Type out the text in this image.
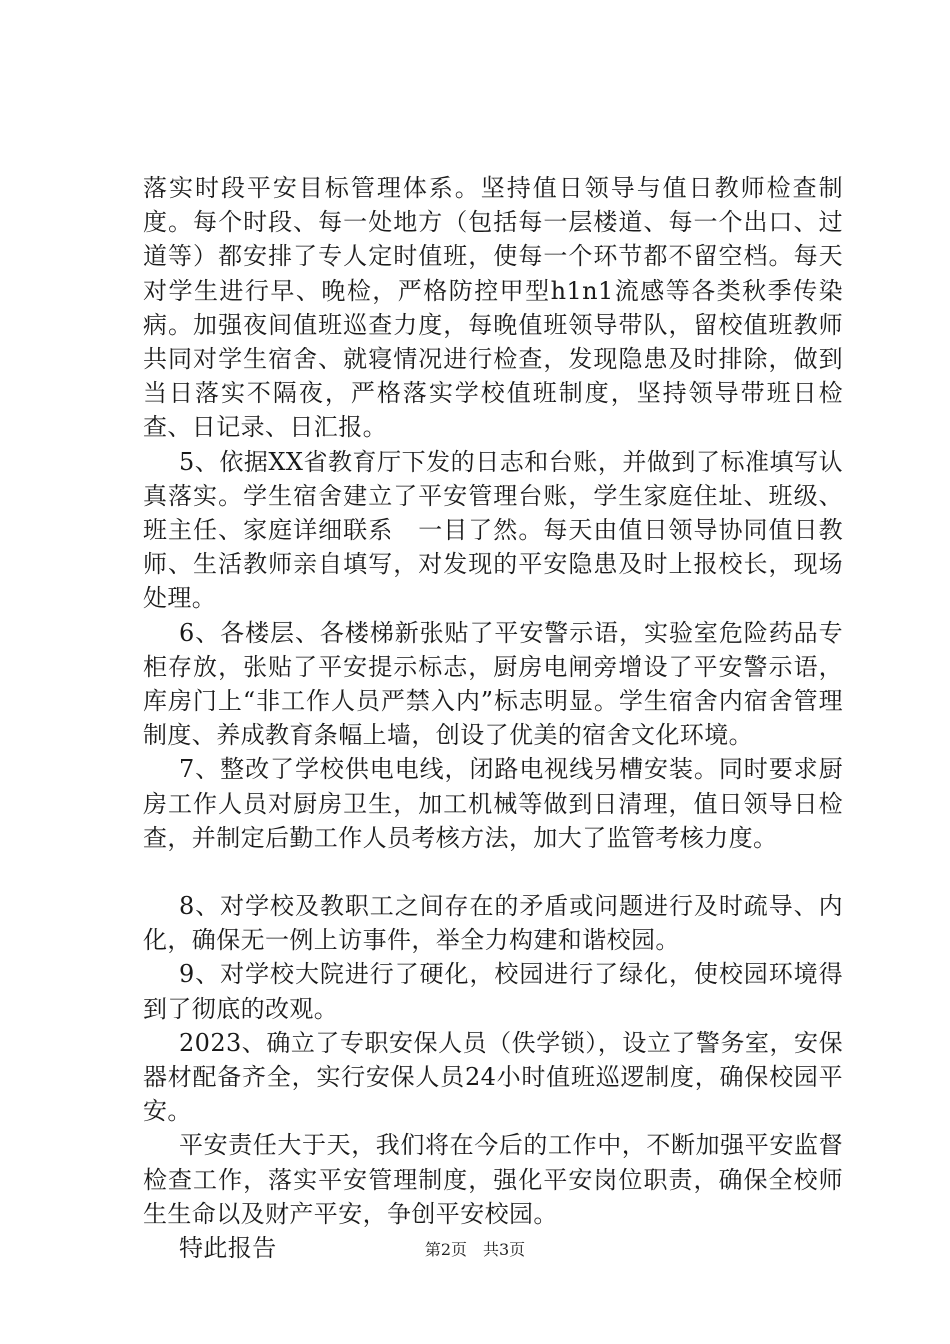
落实时段平安目标管理体系。坚持值日领导与值日教师检查制度。每个时段、每一处地方（包括每一层楼道、每一个出口、过道等）都安排了专人定时值班，使每一个环节都不留空档。每天对学生进行早、晚检，严格防控甲型h1n1流感等各类秋季传染病。加强夜间值班巡查力度，每晚值班领导带队，留校值班教师共同对学生宿舍、就寝情况进行检查，发现隐患及时排除，做到当日落实不隔夜，严格落实学校值班制度，坚持领导带班日检查、日记录、日汇报。

5、依据XX省教育厅下发的日志和台账，并做到了标准填写认真落实。学生宿舍建立了平安管理台账，学生家庭住址、班级、班主任、家庭详细联系　一目了然。每天由值日领导协同值日教师、生活教师亲自填写，对发现的平安隐患及时上报校长，现场处理。

6、各楼层、各楼梯新张贴了平安警示语，实验室危险药品专柜存放，张贴了平安提示标志，厨房电闸旁增设了平安警示语，库房门上“非工作人员严禁入内”标志明显。学生宿舍内宿舍管理制度、养成教育条幅上墙，创设了优美的宿舍文化环境。

7、整改了学校供电电线，闭路电视线另槽安装。同时要求厨房工作人员对厨房卫生，加工机械等做到日清理，值日领导日检查，并制定后勤工作人员考核方法，加大了监管考核力度。

8、对学校及教职工之间存在的矛盾或问题进行及时疏导、内化，确保无一例上访事件，举全力构建和谐校园。

9、对学校大院进行了硬化，校园进行了绿化，使校园环境得到了彻底的改观。

2023、确立了专职安保人员（佚学锁），设立了警务室，安保器材配备齐全，实行安保人员24小时值班巡逻制度，确保校园平安。

平安责任大于天，我们将在今后的工作中，不断加强平安监督检查工作，落实平安管理制度，强化平安岗位职责，确保全校师生生命以及财产平安，争创平安校园。

特此报告	第2页　共3页
